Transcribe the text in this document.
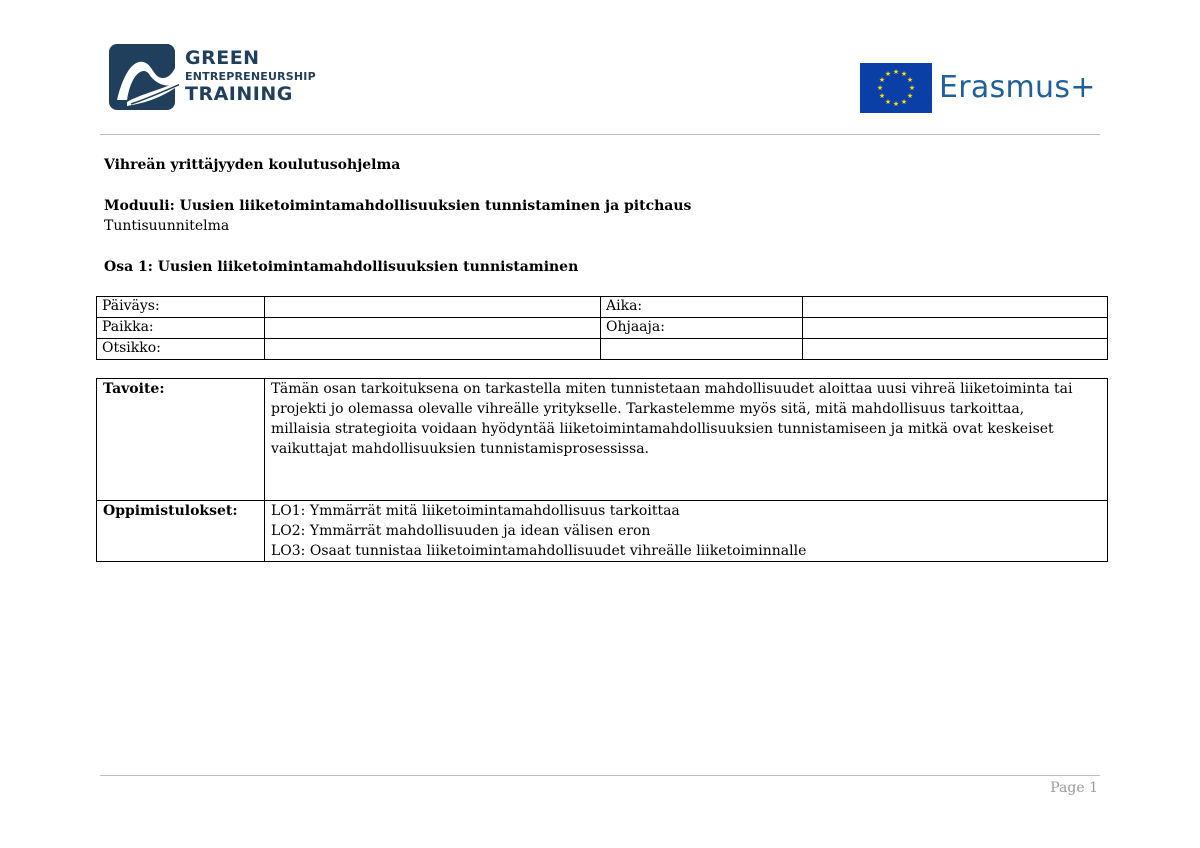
GREEN
ENTREPRENEURSHIP
TRAINING
★ ★
★
★
★
★
★
★
★
★
★
★ Erasmus+

Vihreän yrittäjyyden koulutusohjelma

Moduuli: Uusien liiketoimintamahdollisuuksien tunnistaminen ja pitchaus

Tuntisuunnitelma

Osa 1: Uusien liiketoimintamahdollisuuksien tunnistaminen

Päiväys:		Aika:	
Paikka:		Ohjaaja:	
Otsikko:			
Tavoite:	Tämän osan tarkoituksena on tarkastella miten tunnistetaan mahdollisuudet aloittaa uusi vihreä liiketoiminta tai
projekti jo olemassa olevalle vihreälle yritykselle. Tarkastelemme myös sitä, mitä mahdollisuus tarkoittaa,
millaisia strategioita voidaan hyödyntää liiketoimintamahdollisuuksien tunnistamiseen ja mitkä ovat keskeiset
vaikuttajat mahdollisuuksien tunnistamisprosessissa.

Oppimistulokset:	LO1: Ymmärrät mitä liiketoimintamahdollisuus tarkoittaa
LO2: Ymmärrät mahdollisuuden ja idean välisen eron
LO3: Osaat tunnistaa liiketoimintamahdollisuudet vihreälle liiketoiminnalle
Page 1
